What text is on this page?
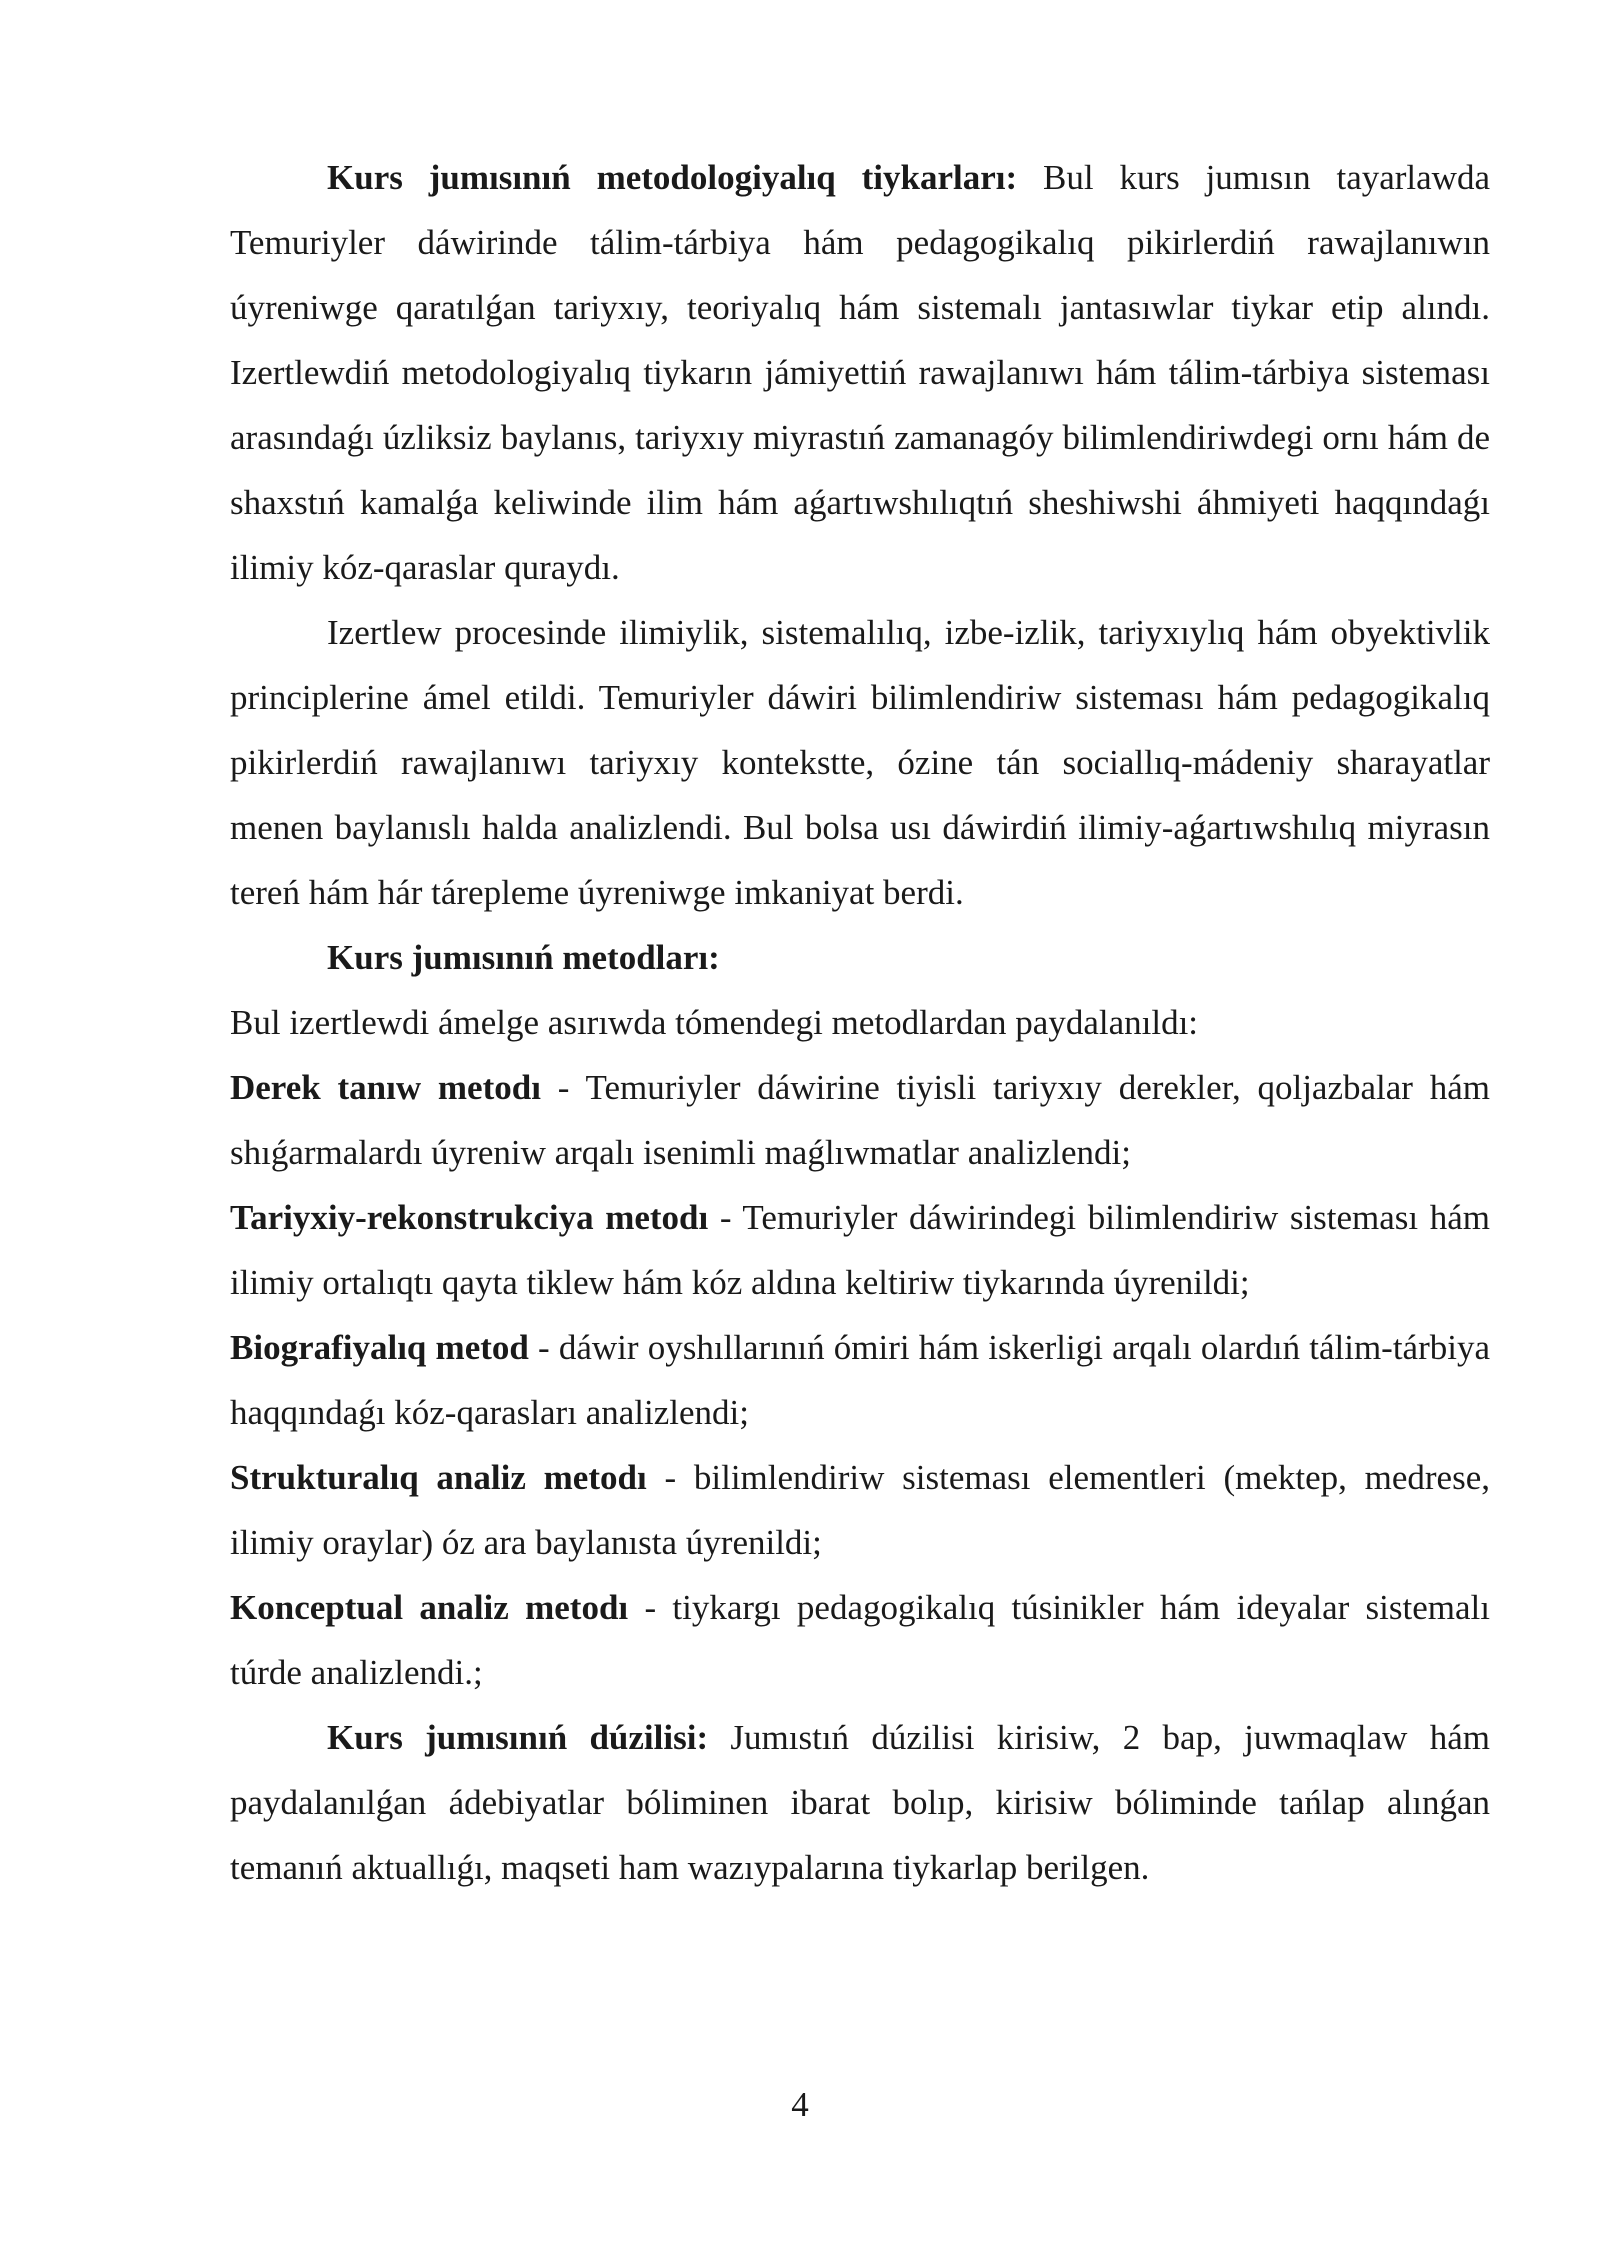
Kurs jumısınıń metodologiyalıq tiykarları: Bul kurs jumısın tayarlawda Temuriyler dáwirinde tálim-tárbiya hám pedagogikalıq pikirlerdiń rawajlanıwın úyreniwge qaratılǵan tariyxıy, teoriyalıq hám sistemalı jantasıwlar tiykar etip alındı. Izertlewdiń metodologiyalıq tiykarın jámiyettiń rawajlanıwı hám tálim-tárbiya sisteması arasındaǵı úzliksiz baylanıs, tariyxıy miyrastıń zamanagóy bilimlendiriwdegi ornı hám de shaxstıń kamalǵa keliwinde ilim hám aǵartıwshılıqtıń sheshiwshi áhmiyeti haqqındaǵı ilimiy kóz-qaraslar quraydı.

Izertlew procesinde ilimiylik, sistemalılıq, izbe-izlik, tariyxıylıq hám obyektivlik principlerine ámel etildi. Temuriyler dáwiri bilimlendiriw sisteması hám pedagogikalıq pikirlerdiń rawajlanıwı tariyxıy kontekstte, ózine tán sociallıq-mádeniy sharayatlar menen baylanıslı halda analizlendi. Bul bolsa usı dáwirdiń ilimiy-aǵartıwshılıq miyrasın tereń hám hár tárepleme úyreniwge imkaniyat berdi.

Kurs jumısınıń metodları:

Bul izertlewdi ámelge asırıwda tómendegi metodlardan paydalanıldı:

Derek tanıw metodı - Temuriyler dáwirine tiyisli tariyxıy derekler, qoljazbalar hám shıǵarmalardı úyreniw arqalı isenimli maǵlıwmatlar analizlendi;

Tariyxiy-rekonstrukciya metodı - Temuriyler dáwirindegi bilimlendiriw sisteması hám ilimiy ortalıqtı qayta tiklew hám kóz aldına keltiriw tiykarında úyrenildi;

Biografiyalıq metod - dáwir oyshıllarınıń ómiri hám iskerligi arqalı olardıń tálim-tárbiya haqqındaǵı kóz-qarasları analizlendi;

Strukturalıq analiz metodı - bilimlendiriw sisteması elementleri (mektep, medrese, ilimiy oraylar) óz ara baylanısta úyrenildi;

Konceptual analiz metodı - tiykargı pedagogikalıq túsinikler hám ideyalar sistemalı túrde analizlendi.;

Kurs jumısınıń dúzilisi: Jumıstıń dúzilisi kirisiw, 2 bap, juwmaqlaw hám paydalanılǵan ádebiyatlar bóliminen ibarat bolıp, kirisiw bóliminde tańlap alınǵan temanıń aktuallıǵı, maqseti ham wazıypalarına tiykarlap berilgen.

4
